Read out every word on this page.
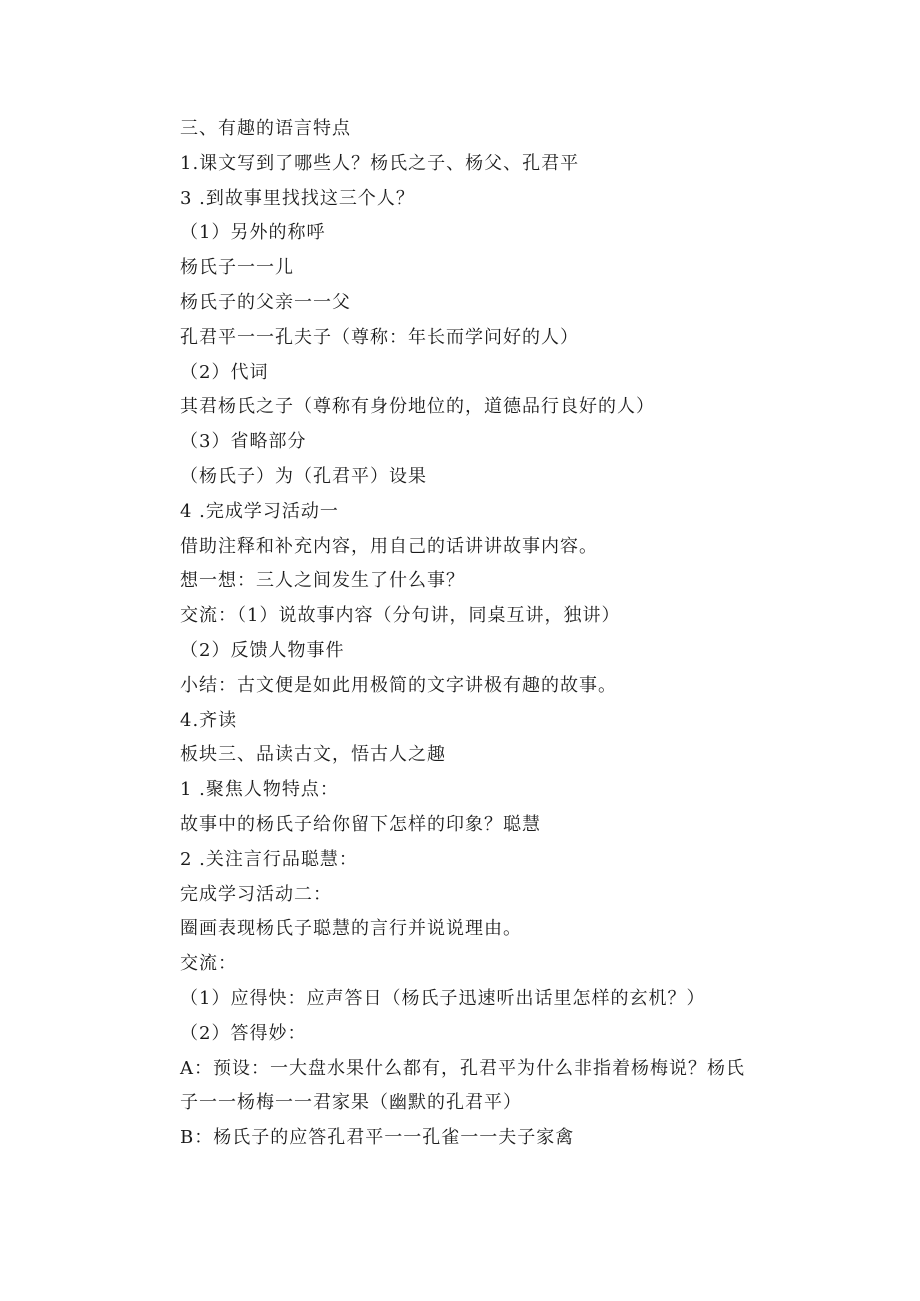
三、有趣的语言特点
1.课文写到了哪些人？杨氏之子、杨父、孔君平
3 .到故事里找找这三个人？
（1）另外的称呼
杨氏子一一儿
杨氏子的父亲一一父
孔君平一一孔夫子（尊称：年长而学问好的人）
（2）代词
其君杨氏之子（尊称有身份地位的，道德品行良好的人）
（3）省略部分
（杨氏子）为（孔君平）设果
4 .完成学习活动一
借助注释和补充内容，用自己的话讲讲故事内容。
想一想：三人之间发生了什么事？
交流：（1）说故事内容（分句讲，同桌互讲，独讲）
（2）反馈人物事件
小结：古文便是如此用极简的文字讲极有趣的故事。
4.齐读
板块三、品读古文，悟古人之趣
1 .聚焦人物特点：
故事中的杨氏子给你留下怎样的印象？聪慧
2 .关注言行品聪慧：
完成学习活动二：
圈画表现杨氏子聪慧的言行并说说理由。
交流：
（1）应得快：应声答日（杨氏子迅速听出话里怎样的玄机？）
（2）答得妙：
A：预设：一大盘水果什么都有，孔君平为什么非指着杨梅说？杨氏
子一一杨梅一一君家果（幽默的孔君平）
B：杨氏子的应答孔君平一一孔雀一一夫子家禽
